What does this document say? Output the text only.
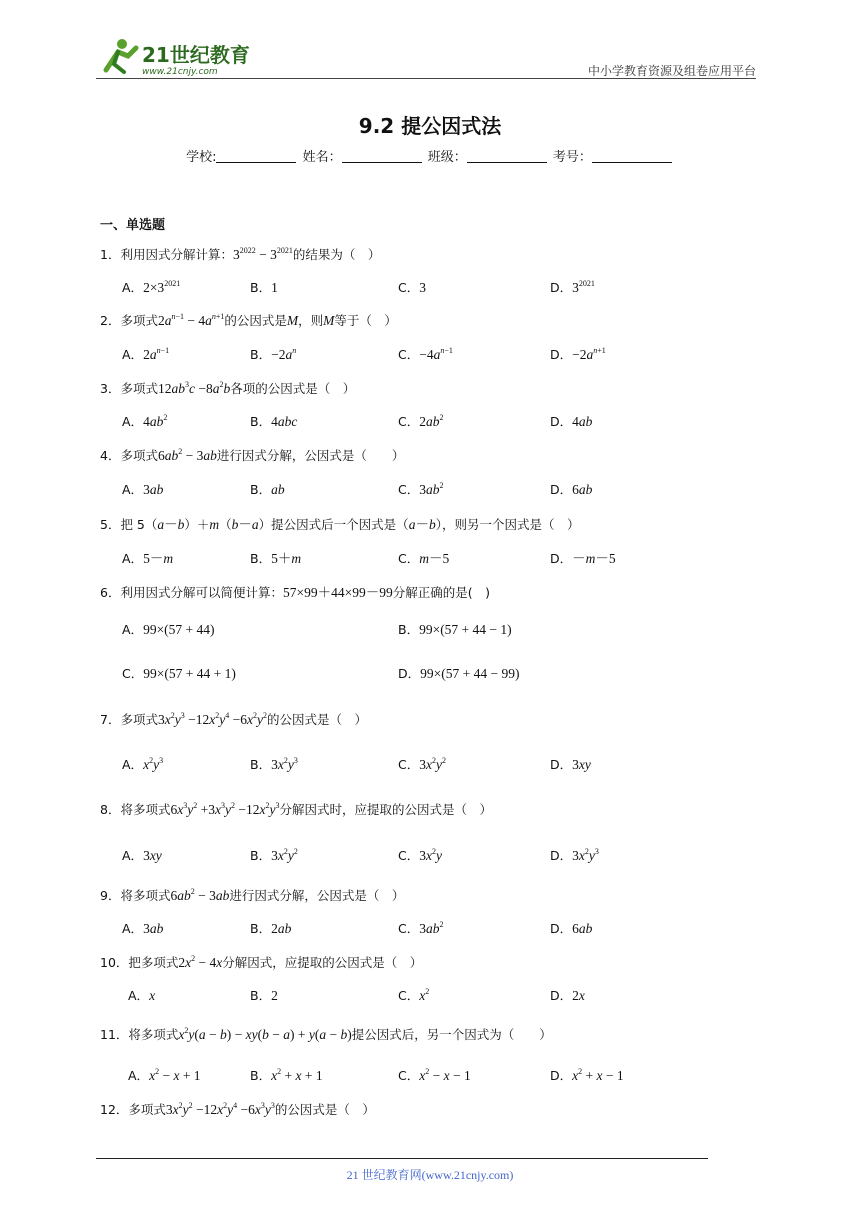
21世纪教育
www.21cnjy.com	中小学教育资源及组卷应用平台
9.2 提公因式法
学校:	姓名：	班级：	考号：
一、单选题
1．利用因式分解计算：$3^{2022} - 3^{2021}$的结果为（　）
A．$2\times 3^{2021}$	B．1	C．3	D．$3^{2021}$
2．多项式$2a^{n-1} - 4a^{n+1}$的公因式是M，则M等于（　）
A．$2a^{n-1}$	B．$-2a^n$	C．$-4a^{n-1}$	D．$-2a^{n+1}$
3．多项式$12ab^3c -8a^2b$各项的公因式是（　）
A．$4ab^2$	B．4abc	C．$2ab^2$	D．4ab
4．多项式$6ab^2 - 3ab$进行因式分解，公因式是（　　）
A．3ab	B．ab	C．$3ab^2$	D．6ab
5．把 5（a－b）＋m（b－a）提公因式后一个因式是（a－b），则另一个因式是（　）
A．5－m	B．5＋m	C．m－5	D．－m－5
6．利用因式分解可以简便计算：57×99＋44×99－99分解正确的是(　)
A．99×(57 + 44)	B．99×(57 + 44 − 1)
C．99×(57 + 44 + 1)	D．99×(57 + 44 − 99)
7．多项式$3x^2y^3 -12x^2y^4 -6x^2y^2$的公因式是（　）
A．$x^2y^3$	B．$3x^2y^3$	C．$3x^2y^2$	D．3xy
8．将多项式$6x^3y^2 +3x^3y^2 -12x^2y^3$分解因式时，应提取的公因式是（　）
A．3xy	B．$3x^2y^2$	C．$3x^2y$	D．$3x^2y^3$
9．将多项式$6ab^2 - 3ab$进行因式分解，公因式是（　）
A．3ab	B．2ab	C．$3ab^2$	D．6ab
10．把多项式$2x^2 - 4x$分解因式，应提取的公因式是（　）
A．x	B．2	C．$x^2$	D．2x
11．将多项式$x^2y(a - b) - xy(b - a) + y(a - b)$提公因式后，另一个因式为（　　）
A．$x^2 - x + 1$	B．$x^2 + x + 1$	C．$x^2 - x - 1$	D．$x^2 + x - 1$
12．多项式$3x^2y^2 -12x^2y^4 -6x^3y^3$的公因式是（　）
21 世纪教育网(www.21cnjy.com)
